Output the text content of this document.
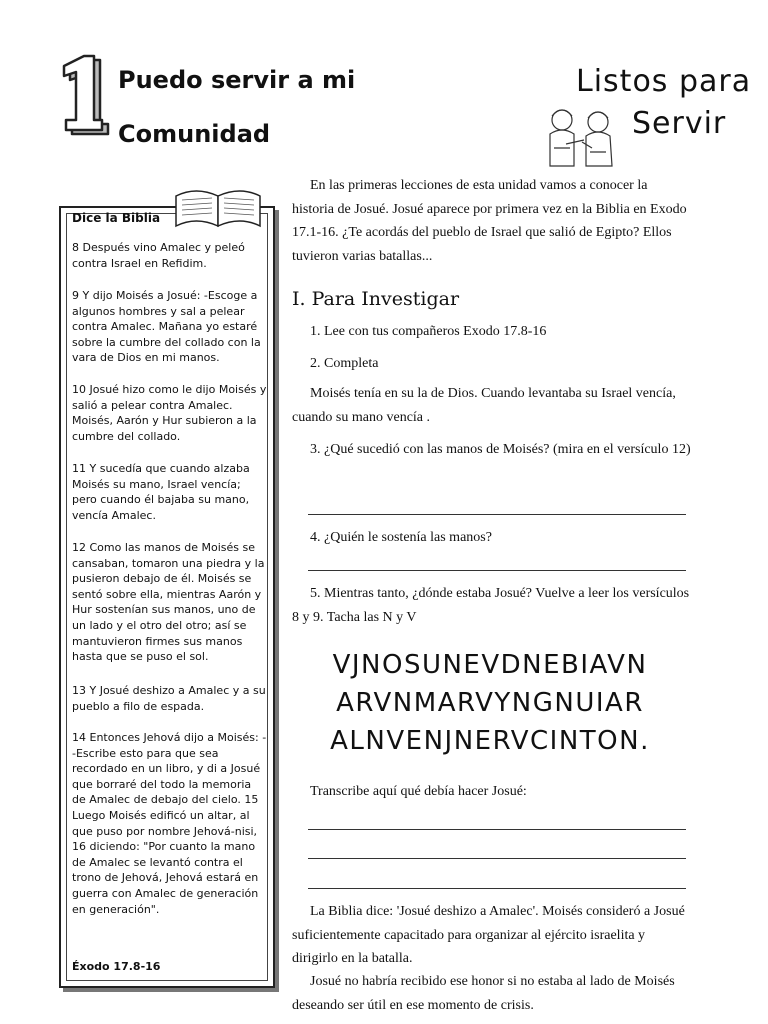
Puedo servir a mi
Comunidad
Listos para
Servir
Dice la Biblia

8 Después vino Amalec y peleó contra Israel en Refidim.

9 Y dijo Moisés a Josué: -Escoge a algunos hombres y sal a pelear contra Amalec. Mañana yo estaré sobre la cumbre del collado con la vara de Dios en mi manos.

10 Josué hizo como le dijo Moisés y salió a pelear contra Amalec. Moisés, Aarón y Hur subieron a la cumbre del collado.

11 Y sucedía que cuando alzaba Moisés su mano, Israel vencía; pero cuando él bajaba su mano, vencía Amalec.

12 Como las manos de Moisés se cansaban, tomaron una piedra y la pusieron debajo de él. Moisés se sentó sobre ella, mientras Aarón y Hur sostenían sus manos, uno de un lado y el otro del otro; así se mantuvieron firmes sus manos hasta que se puso el sol.

13 Y Josué deshizo a Amalec y a su pueblo a filo de espada.

14 Entonces Jehová dijo a Moisés: --Escribe esto para que sea recordado en un libro, y di a Josué que borraré del todo la memoria de Amalec de debajo del cielo. 15 Luego Moisés edificó un altar, al que puso por nombre Jehová-nisi, 16 diciendo: "Por cuanto la mano de Amalec se levantó contra el trono de Jehová, Jehová estará en guerra con Amalec de generación en generación".

Éxodo 17.8-16

En las primeras lecciones de esta unidad vamos a conocer la historia de Josué. Josué aparece por primera vez en la Biblia en Exodo 17.1-16. ¿Te acordás del pueblo de Israel que salió de Egipto? Ellos tuvieron varias batallas...

I. Para Investigar

1. Lee con tus compañeros Exodo 17.8-16

2. Completa

Moisés tenía en su la de Dios. Cuando levantaba su Israel vencía, cuando su mano vencía .

3. ¿Qué sucedió con las manos de Moisés? (mira en el versículo 12)

4. ¿Quién le sostenía las manos?

5. Mientras tanto, ¿dónde estaba Josué? Vuelve a leer los versículos 8 y 9. Tacha las N y V

VJNOSUNEVDNEBIAVN
ARVNMARVYNGNUIAR
ALNVENJNERVCINTON.

Transcribe aquí qué debía hacer Josué:

La Biblia dice: 'Josué deshizo a Amalec'. Moisés consideró a Josué suficientemente capacitado para organizar al ejército israelita y dirigirlo en la batalla.

Josué no habría recibido ese honor si no estaba al lado de Moisés deseando ser útil en ese momento de crisis.
